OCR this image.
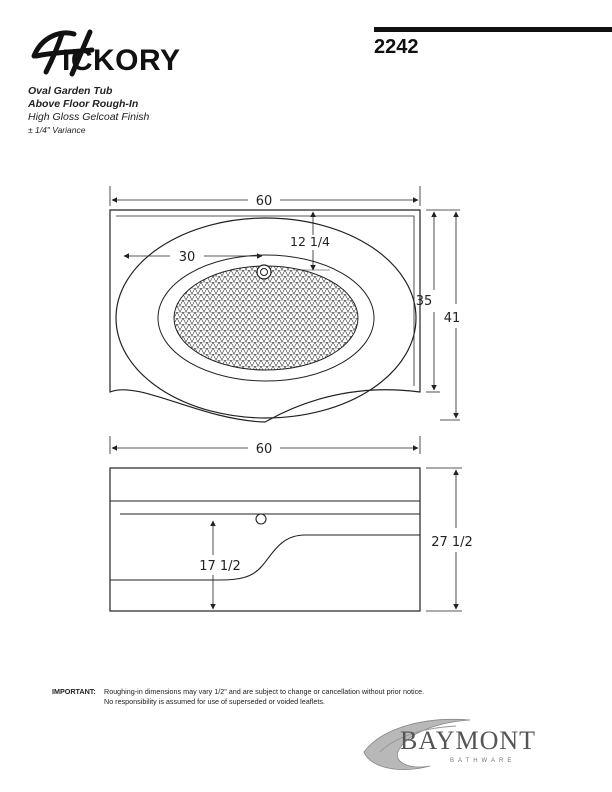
ICKORY	2242
Oval Garden Tub
Above Floor Rough-In
High Gloss Gelcoat Finish
± 1/4" Variance
60
30
12 1/4
35
41
60
27 1/2
17 1/2
IMPORTANT: Roughing-in dimensions may vary 1/2" and are subject to change or cancellation without prior notice.
No responsibility is assumed for use of superseded or voided leaflets.
BAYMONT
BATHWARE
